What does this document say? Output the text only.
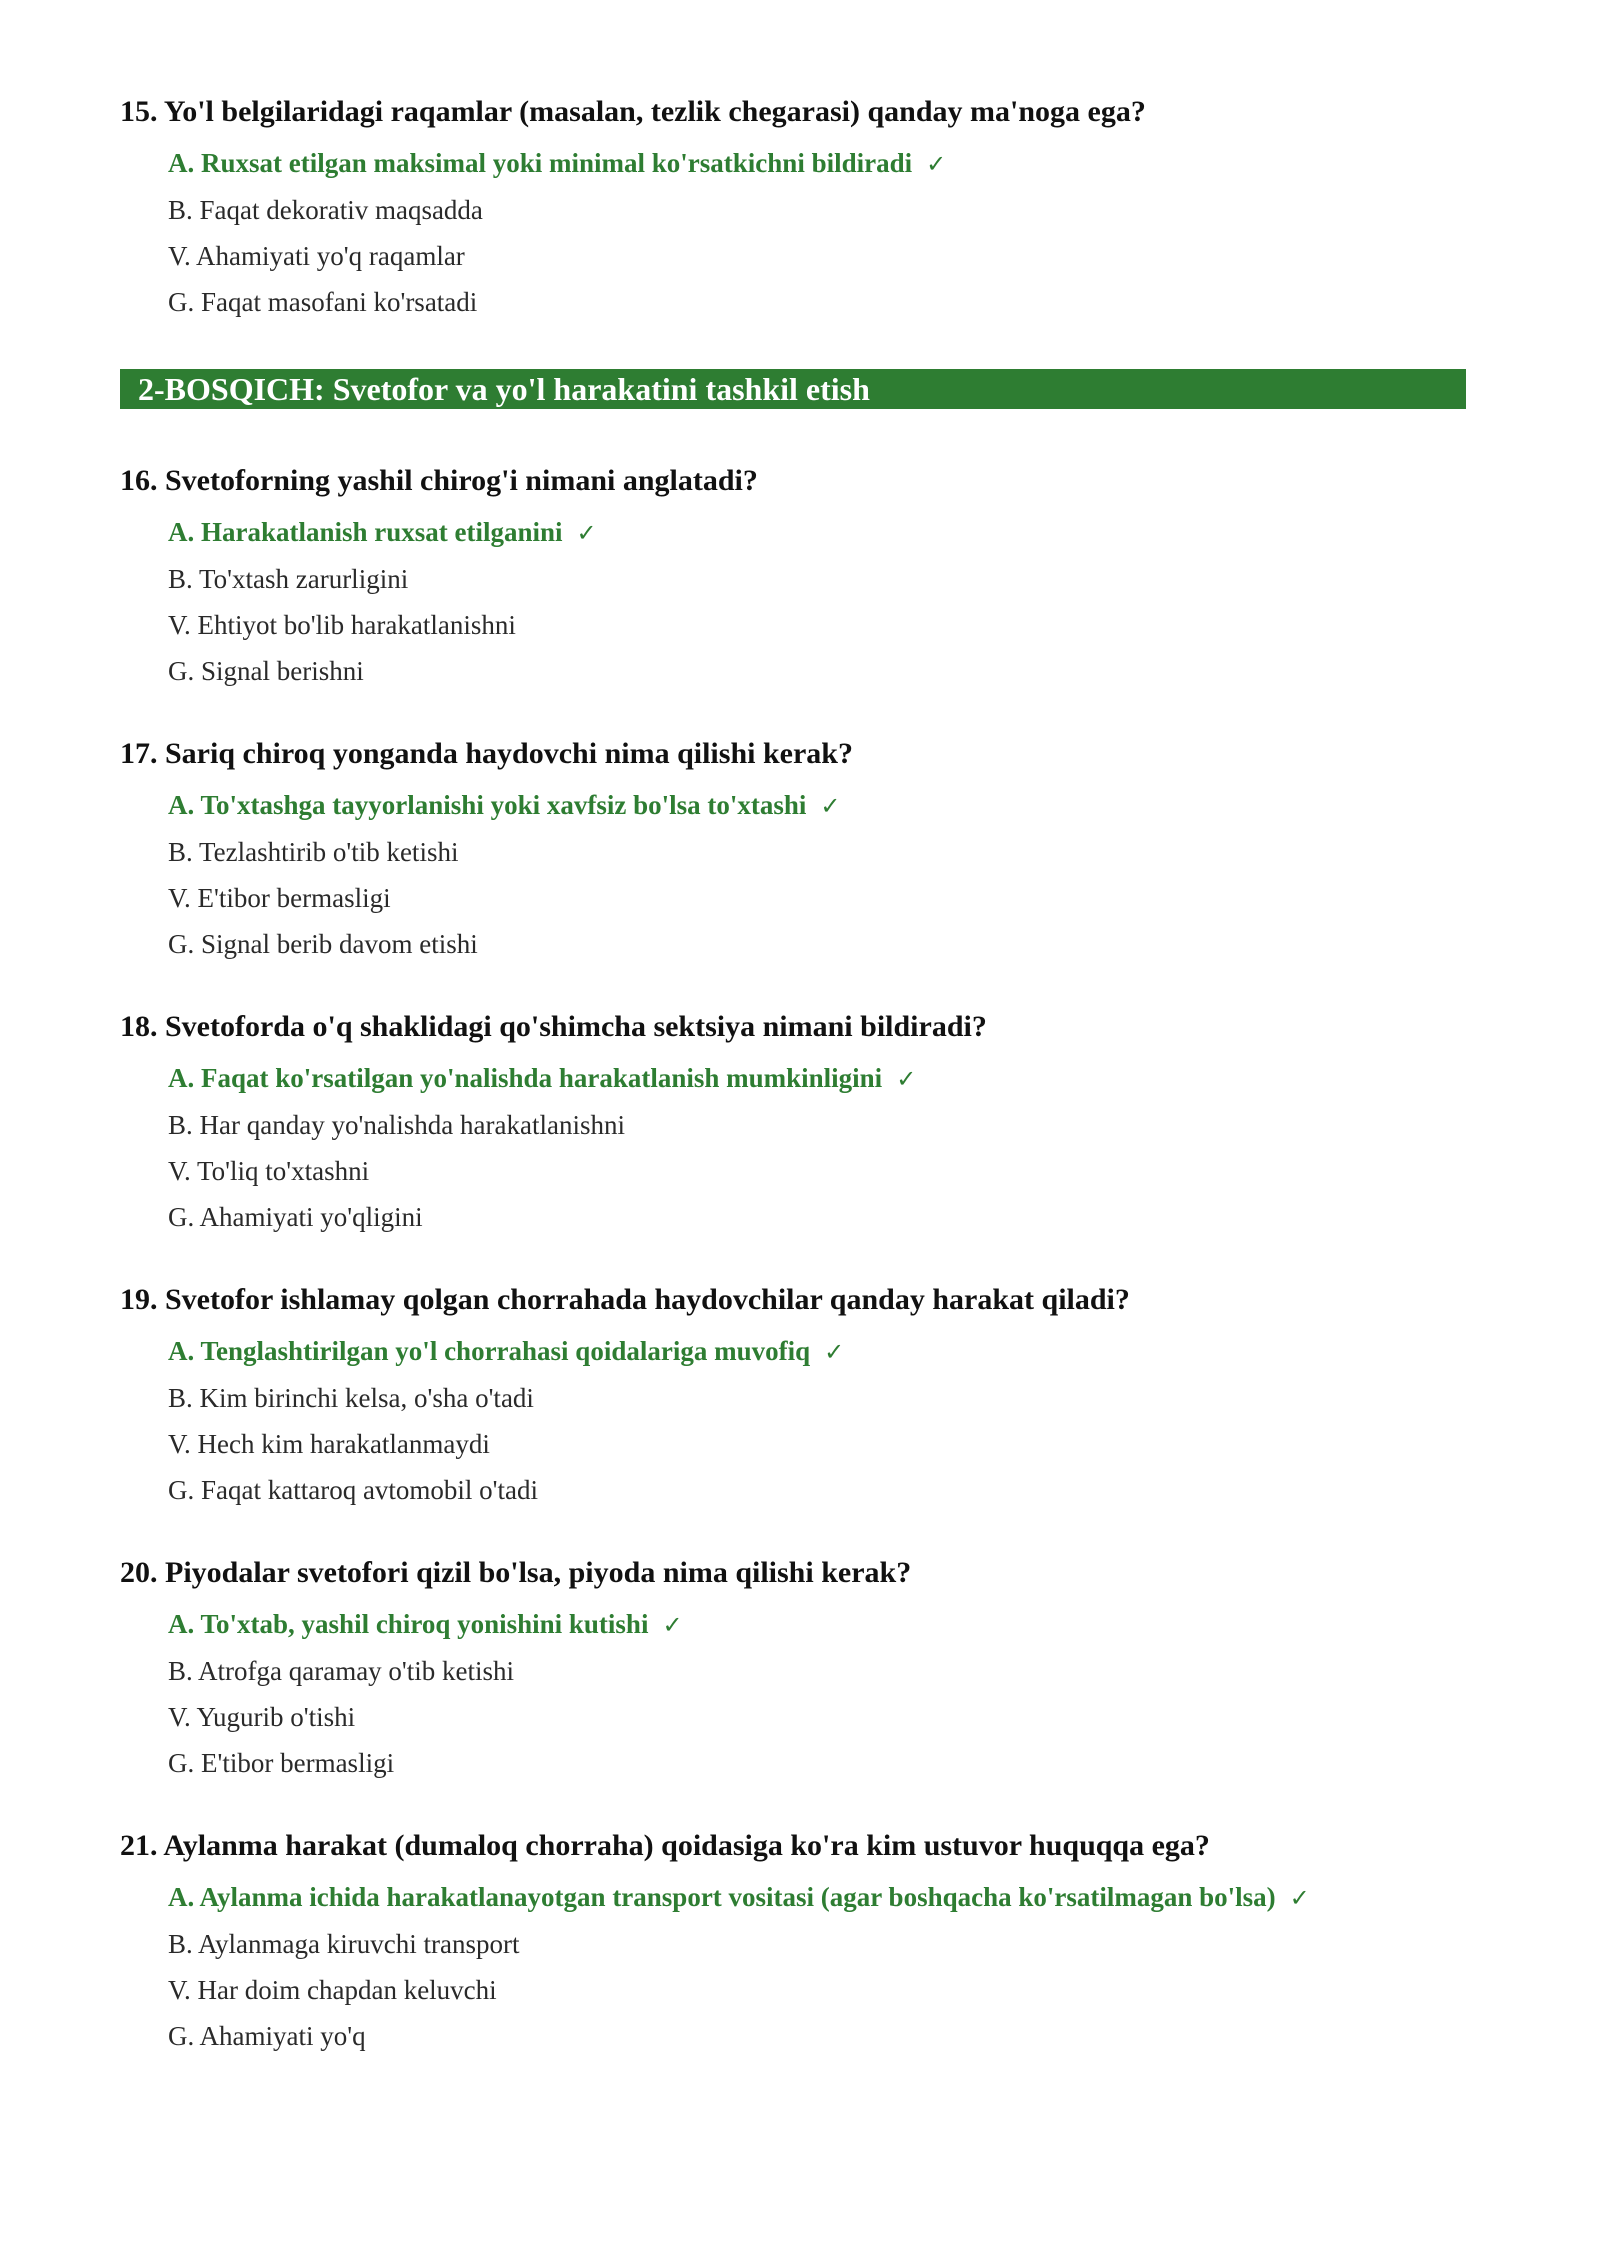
15. Yo'l belgilaridagi raqamlar (masalan, tezlik chegarasi) qanday ma'noga ega?
A. Ruxsat etilgan maksimal yoki minimal ko'rsatkichni bildiradi ✓
B. Faqat dekorativ maqsadda
V. Ahamiyati yo'q raqamlar
G. Faqat masofani ko'rsatadi
2-BOSQICH: Svetofor va yo'l harakatini tashkil etish
16. Svetoforning yashil chirog'i nimani anglatadi?
A. Harakatlanish ruxsat etilganini ✓
B. To'xtash zarurligini
V. Ehtiyot bo'lib harakatlanishni
G. Signal berishni
17. Sariq chiroq yonganda haydovchi nima qilishi kerak?
A. To'xtashga tayyorlanishi yoki xavfsiz bo'lsa to'xtashi ✓
B. Tezlashtirib o'tib ketishi
V. E'tibor bermasligi
G. Signal berib davom etishi
18. Svetoforda o'q shaklidagi qo'shimcha sektsiya nimani bildiradi?
A. Faqat ko'rsatilgan yo'nalishda harakatlanish mumkinligini ✓
B. Har qanday yo'nalishda harakatlanishni
V. To'liq to'xtashni
G. Ahamiyati yo'qligini
19. Svetofor ishlamay qolgan chorrahada haydovchilar qanday harakat qiladi?
A. Tenglashtirilgan yo'l chorrahasi qoidalariga muvofiq ✓
B. Kim birinchi kelsa, o'sha o'tadi
V. Hech kim harakatlanmaydi
G. Faqat kattaroq avtomobil o'tadi
20. Piyodalar svetofori qizil bo'lsa, piyoda nima qilishi kerak?
A. To'xtab, yashil chiroq yonishini kutishi ✓
B. Atrofga qaramay o'tib ketishi
V. Yugurib o'tishi
G. E'tibor bermasligi
21. Aylanma harakat (dumaloq chorraha) qoidasiga ko'ra kim ustuvor huquqqa ega?
A. Aylanma ichida harakatlanayotgan transport vositasi (agar boshqacha ko'rsatilmagan bo'lsa) ✓
B. Aylanmaga kiruvchi transport
V. Har doim chapdan keluvchi
G. Ahamiyati yo'q
